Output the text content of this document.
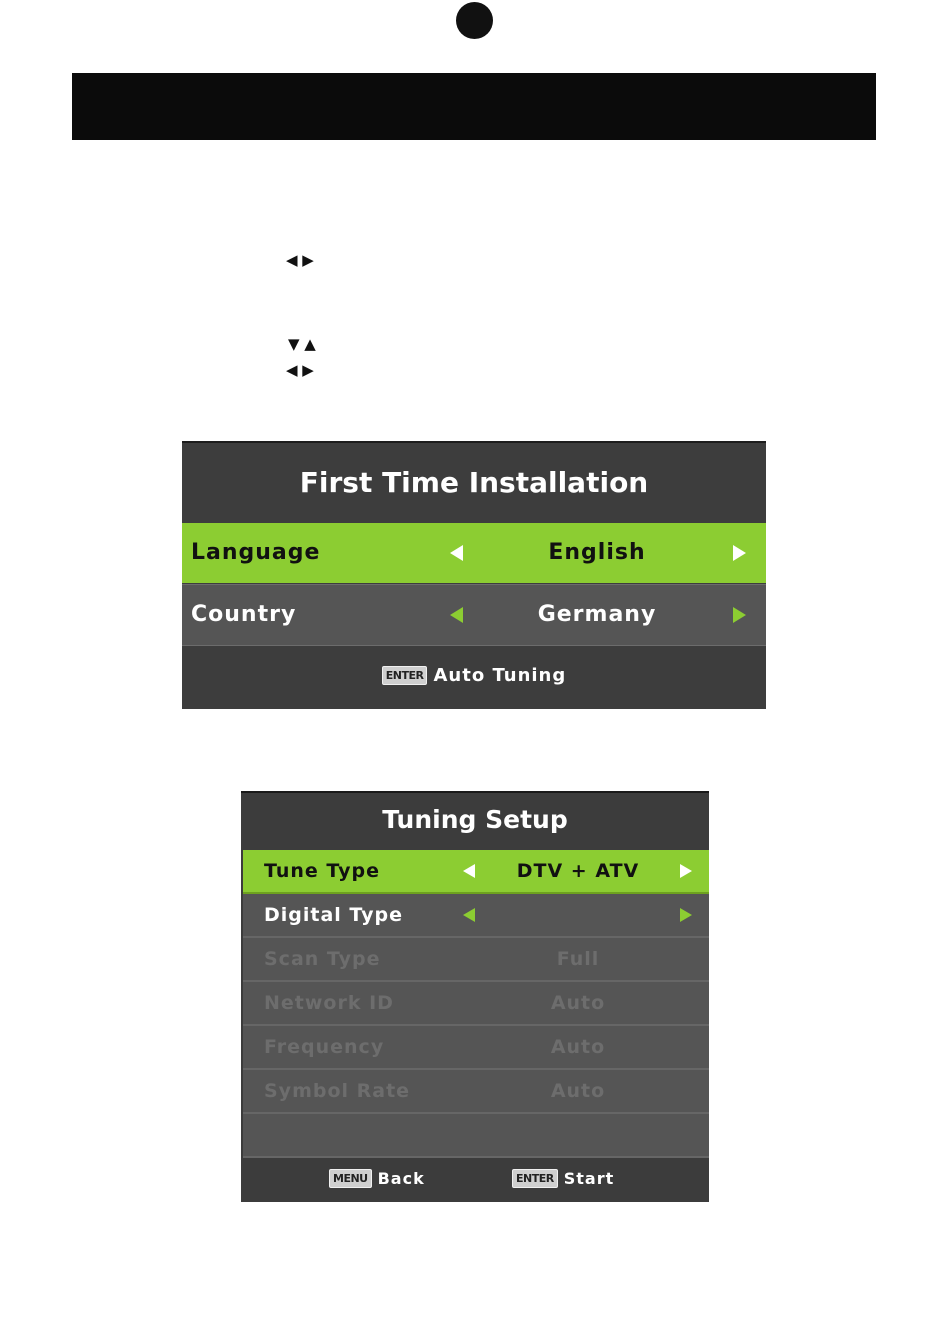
◀ ▶
▼ ▲
◀ ▶
First Time Installation
Language	English
Country	Germany
ENTER Auto Tuning
Tuning Setup
Tune Type	DTV + ATV
Digital Type
Scan Type	Full
Network ID	Auto
Frequency	Auto
Symbol Rate	Auto
MENU Back	ENTER Start
